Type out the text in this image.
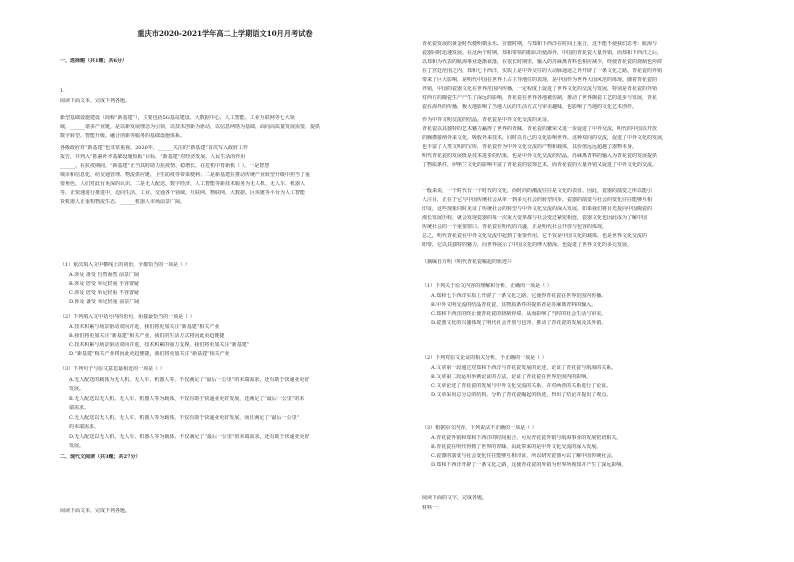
重庆市2020-2021学年高二上学期语文10月月考试卷
一、选择题（共1题；共6分）
1.
阅读下面文本，完成下列各题。
新型基础设施建设（简称“新基建”），主要包括5G基站建设、大数据中心、人工智能、工业互联网等七大领
域，______诸多产业链，是以新发展理念为引领，以技术创新为驱动，以信息网络为基础，面向高质量发展需要，提供
数字转型、智能升级、融合创新等服务的基础设施体系。
各级政府对“新基建”也非常重视。2020年，______关注的“新基建”首次写入政府工作
报告，并列入“抓紧补齐基础设施短板”目标，“新基建”对经济发展、人民生活的作用
______。在抗疫期间，“新基建”正当其时助力抗疫情、稳增长、在危机中育新机（ ）。一是智慧
城市和信息化，给交通管理、物流供应链、卫生防疫等带来便利；二是新基建在推动传统产业转型升级中担当了重
要角色，人们对此有更深的认识。二是无人配送、数字经济、人工智能等新技术服务为无人机、无人车、机器人
等，正快速进行推进中，迈向生活、工业、交通各个领域。互联网、物联网、大数据、区块链等平台为人工智能
货机器人正重构物流生态，______机器人市场前景广阔。
（1）依次填入文中横线上的词语，全都恰当的一项是（ ）
A.涉及 备受 自然而然 前景广阔
B.涉及 倍受 举足轻重 不容置疑
C.涉及 倍受 举足轻重 不容置疑
D.涉及 备受 举足轻重 前景广阔
（2）下列填入文中括号内的语句，衔接最恰当的一项是（ ）
A.技术积累与场景驱动双向并进，我们将更加关注“新基建”相关产业
B.我们将更加关注“新基建”相关产业，我们的生活方式将因此更趋便捷
C.技术积累与场景驱动双向并进，技术积累的强力支撑，我们将更加关注“新基建”
D.“新基建”相关产业将因此更趋便捷，我们将更加关注“新基建”相关产业
（3）下列句子与原文意思最相近的一项是（ ）
A.无人配送的载体为无人机、无人车、机器人等，不仅满足了“最后一公里”的末端需求，还有助于快递业更好
发展。
B.无人配送以无人机、无人车、机器人等为载体，不仅有助于快递业更好发展，还满足了“最后一公里”的末
端需求。
C.无人配送以无人机、无人车、机器人等为载体，不仅有助于快递业更好发展，而且满足了“最后一公里”
的末端需求。
D.无人配送以无人机、无人车、机器人等为载体，不仅满足了“最后一公里”的末端需求，还有助于快递业更好
发展。
二、现代文阅读（共3题；共27分）
阅读下面文本，完成下列各题。
青花瓷发展的黄金时代便明朝永乐、宣德时期，与郑和下西洋在时间上重合，这不能不使我们思考：航海与
瓷器同时迅速发展。在这两个时期，郑和带领的船队出使海外，中国的青花瓷大量外销，而郑和下西洋之后，
以郑和为代表的航海事业逐渐衰落，在很长时期里，输入的苏麻离青料也相应减少，终使青花瓷的烧制也停滞
在了宫廷范围之内，郑和七下西洋，实质上是中外交往的大动脉通途之外开辟了一条文化之路。青花瓷的外销
带来了巨大影响，是明代中国在世界上占主导地位的表现，是中国作为世界大国风范的体现。随着青花瓷的
外销，中国的瓷器文化在世界范围内传播，一定程度上促进了世界文化的交流与发展，特别是青花瓷的外销
对西方的陶瓷生产产生了深远的影响，青花瓷在世界各地被仿制，推动了世界陶瓷工艺的进步与发展，青花
瓷在海外的传播，极大地影响了当地人民的生活方式与审美趣味，也影响了当地的文化艺术创作。
作为中外文明交流的结晶，青花瓷是中外文化交流的见证。
青花瓷以其独特的艺术魅力赢得了世界的青睐，青花瓷的繁荣又进一步促进了中外交流，明代的中国以开放
的胸襟接纳外来文化，吸收外来技术，同时以自己的文化影响世界。这种双向的交流，促进了中外文化的发展，
也丰富了人类文明的宝库，青花瓷作为中外文化交流的产物和载体，其价值远远超越了器物本身。
明代青花瓷的发展既是技术进步的结果，也是中外文化交流的结晶。苏麻离青料的输入为青花瓷的发展提供
了物质条件，伊斯兰文化的影响丰富了青花瓷的装饰艺术，而青花瓷的大量外销又促进了中外文化的交流。
一般来说，一个时代有一个时代的文化，而时尚的潮流往往是文化的表征。因此，瓷器的演变之所以能引
人注目，正在于它与中国传统社会从单一到多元社会的转型同步。瓷器的演变与社会的变化往往能够互相
印证，这些现象同时见证了传统社会的转型与中外文化交流的深入发展。如果我们将目光投向中国陶瓷的
漫长发展历程，就会发现瓷器的每一次重大变革都与社会变迁紧密相连，瓷器文化也因此成为了解中国
传统社会的一个重要窗口。青花瓷在明代的兴盛，正是明代社会开放与包容的体现。
总之，明代青花瓷在中外文化交流中起到了重要作用，它不仅是中国文化的载体，也是世界文化交流的
纽带，它以其独特的魅力，向世界展示了中国文化的博大精深，也促进了世界文化的多元发展。
（摘编自万明《明代青花瓷崛起的轨迹》）
（1）下列关于原文内容的理解和分析，正确的一项是（ ）
A.郑和七下西洋实质上开辟了一条文化之路，它使得青花瓷在世界范围内传播。
B.中外文明交流的结晶青花瓷，其物质条件的提供者是苏麻离青料的输入。
C.郑和下西洋的终止使青花瓷的烧制停滞，从而影响了当时的社会生活与审美。
D.瓷器文化的兴盛体现了明代社会开放与包容，推动了青花瓷的发展及其外销。
（2）下列对原文论证的相关分析，不正确的一项是（ ）
A.文章第一段通过对郑和下西洋与青花瓷发展的论述，论证了青花瓷与航海的关系。
B.文章第二段运用举例论证的方法，论证了青花瓷在世界范围内的影响。
C.文章论述了青花瓷的发展与中外文化交流的关系，并对两者的关系进行了论证。
D.文章采用总分总的结构，分析了青花瓷崛起的轨迹，得出了结论并提出了观点。
（3）根据原文内容，下列说法不正确的一项是（ ）
A.青花瓷外销和郑和下西洋的时间重合，可见青花瓷外销与航海事业的发展密切相关。
B.青花瓷在明代得到了世界的青睐，由此带来的是中外文化交流的深入发展。
C.瓷器的演变与社会变化往往能够互相印证，所以研究瓷器可以了解中国传统社会。
D.郑和下西洋开辟了一条文化之路，这使青花瓷的外销为世界所熟知并产生了深远影响。
阅读下面的文字，完成各题。
材料一：
